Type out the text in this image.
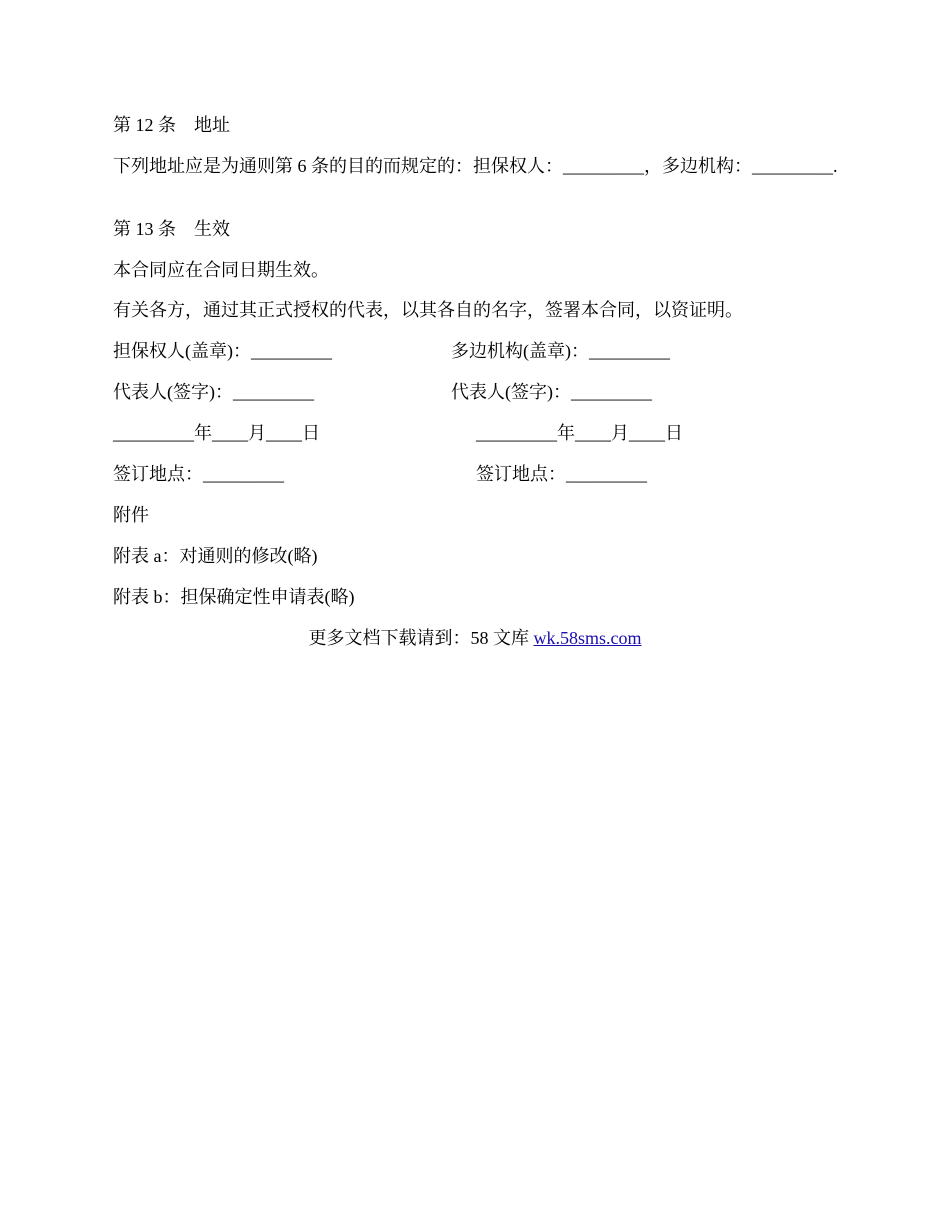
第 12 条　地址
下列地址应是为通则第 6 条的目的而规定的：担保权人：_________，多边机构：_________.
第 13 条　生效
本合同应在合同日期生效。
有关各方，通过其正式授权的代表，以其各自的名字，签署本合同，以资证明。
担保权人(盖章)：_________	多边机构(盖章)：_________
代表人(签字)：_________	代表人(签字)：_________
_________年____月____日	_________年____月____日
签订地点：_________	签订地点：_________
附件
附表 a：对通则的修改(略)
附表 b：担保确定性申请表(略)
更多文档下载请到：58 文库 wk.58sms.com
